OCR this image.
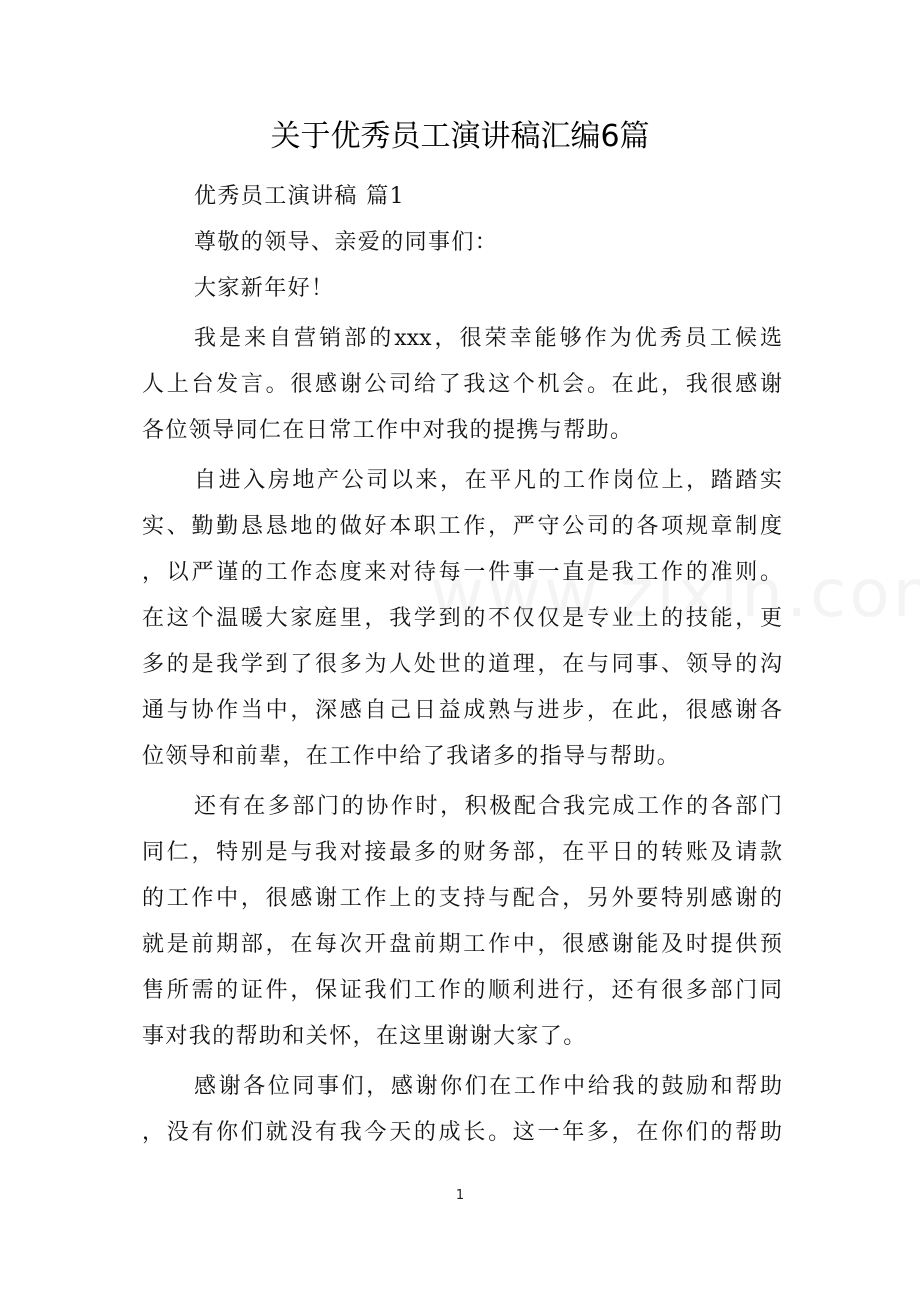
关于优秀员工演讲稿汇编6篇
优秀员工演讲稿 篇1
尊敬的领导、亲爱的同事们：
大家新年好！
我是来自营销部的xxx，很荣幸能够作为优秀员工候选
人上台发言。很感谢公司给了我这个机会。在此，我很感谢
各位领导同仁在日常工作中对我的提携与帮助。
自进入房地产公司以来，在平凡的工作岗位上，踏踏实
实、勤勤恳恳地的做好本职工作，严守公司的各项规章制度
，以严谨的工作态度来对待每一件事一直是我工作的准则。
在这个温暖大家庭里，我学到的不仅仅是专业上的技能，更
多的是我学到了很多为人处世的道理，在与同事、领导的沟
通与协作当中，深感自己日益成熟与进步，在此，很感谢各
位领导和前辈，在工作中给了我诸多的指导与帮助。
还有在多部门的协作时，积极配合我完成工作的各部门
同仁，特别是与我对接最多的财务部，在平日的转账及请款
的工作中，很感谢工作上的支持与配合，另外要特别感谢的
就是前期部，在每次开盘前期工作中，很感谢能及时提供预
售所需的证件，保证我们工作的顺利进行，还有很多部门同
事对我的帮助和关怀，在这里谢谢大家了。
感谢各位同事们，感谢你们在工作中给我的鼓励和帮助
，没有你们就没有我今天的成长。这一年多，在你们的帮助
1
